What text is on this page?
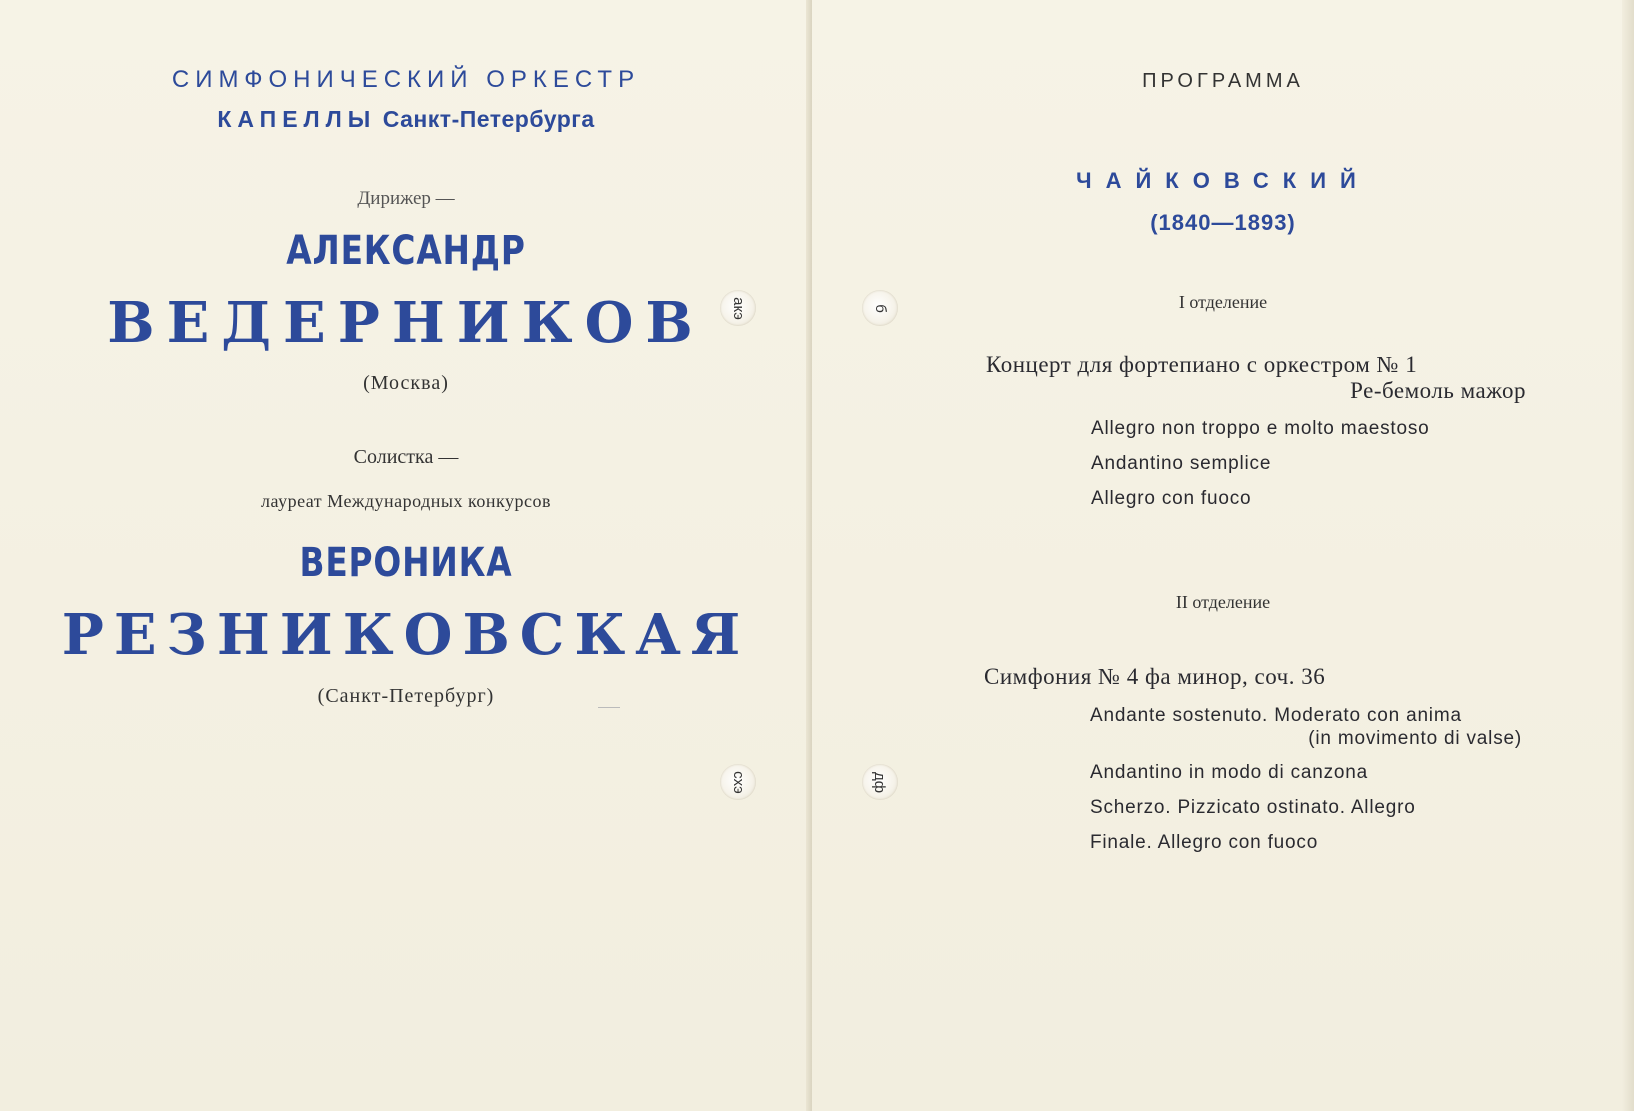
СИМФОНИЧЕСКИЙ ОРКЕСТР
КАПЕЛЛЫ Санкт-Петербурга
Дирижер —
АЛЕКСАНДР
ВЕДЕРНИКОВ
(Москва)
Солистка —
лауреат Международных конкурсов
ВЕРОНИКА
РЕЗНИКОВСКАЯ
(Санкт-Петербург)
ПРОГРАММА
ЧАЙКОВСКИЙ
(1840—1893)
I отделение
Концерт для фортепиано с оркестром № 1
Ре-бемоль мажор
Allegro non troppo e molto maestoso
Andantino semplice
Allegro con fuoco
II отделение
Симфония № 4 фа минор, соч. 36
Andante sostenuto. Moderato con anima
(in movimento di valse)
Andantino in modo di canzona
Scherzo. Pizzicato ostinato. Allegro
Finale. Allegro con fuoco
акэ
схэ
б
дф
